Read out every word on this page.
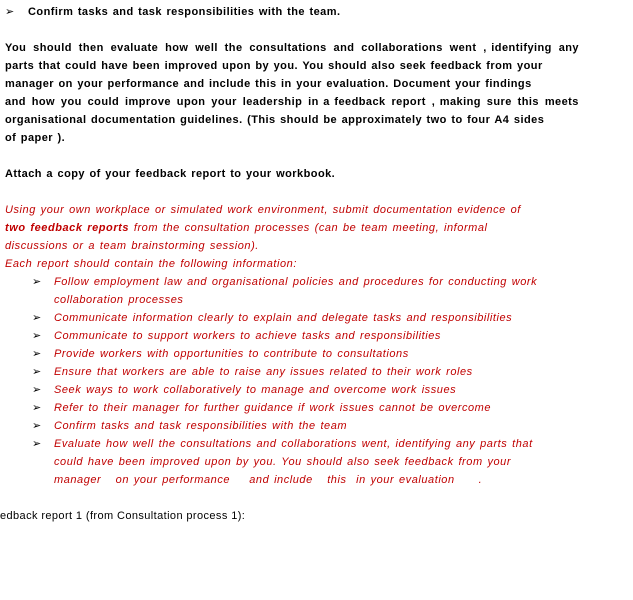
➢ Confirm tasks and task responsibilities with the team.
You should then evaluate how well the consultations and collaborations went , identifying any
parts that could have been improved upon by you. You should also seek feedback from your
manager on your performance and include this in your evaluation. Document your findings
and how you could improve upon your leadership in a feedback report , making sure this meets
organisational documentation guidelines. (This should be approximately two to four A4 sides
of paper ).
Attach a copy of your feedback report to your workbook.
Using your own workplace or simulated work environment, submit documentation evidence of
two feedback reports from the consultation processes (can be team meeting, informal
discussions or a team brainstorming session).
Each report should contain the following information:
➢ Follow employment law and organisational policies and procedures for conducting work
collaboration processes
➢ Communicate information clearly to explain and delegate tasks and responsibilities
➢ Communicate to support workers to achieve tasks and responsibilities
➢ Provide workers with opportunities to contribute to consultations
➢ Ensure that workers are able to raise any issues related to their work roles
➢ Seek ways to work collaboratively to manage and overcome work issues
➢ Refer to their manager for further guidance if work issues cannot be overcome
➢ Confirm tasks and task responsibilities with the team
➢ Evaluate how well the consultations and collaborations went, identifying any parts that
could have been improved upon by you. You should also seek feedback from your
manager   on your performance    and include   this  in your evaluation     .
edback report 1 (from Consultation process 1):
